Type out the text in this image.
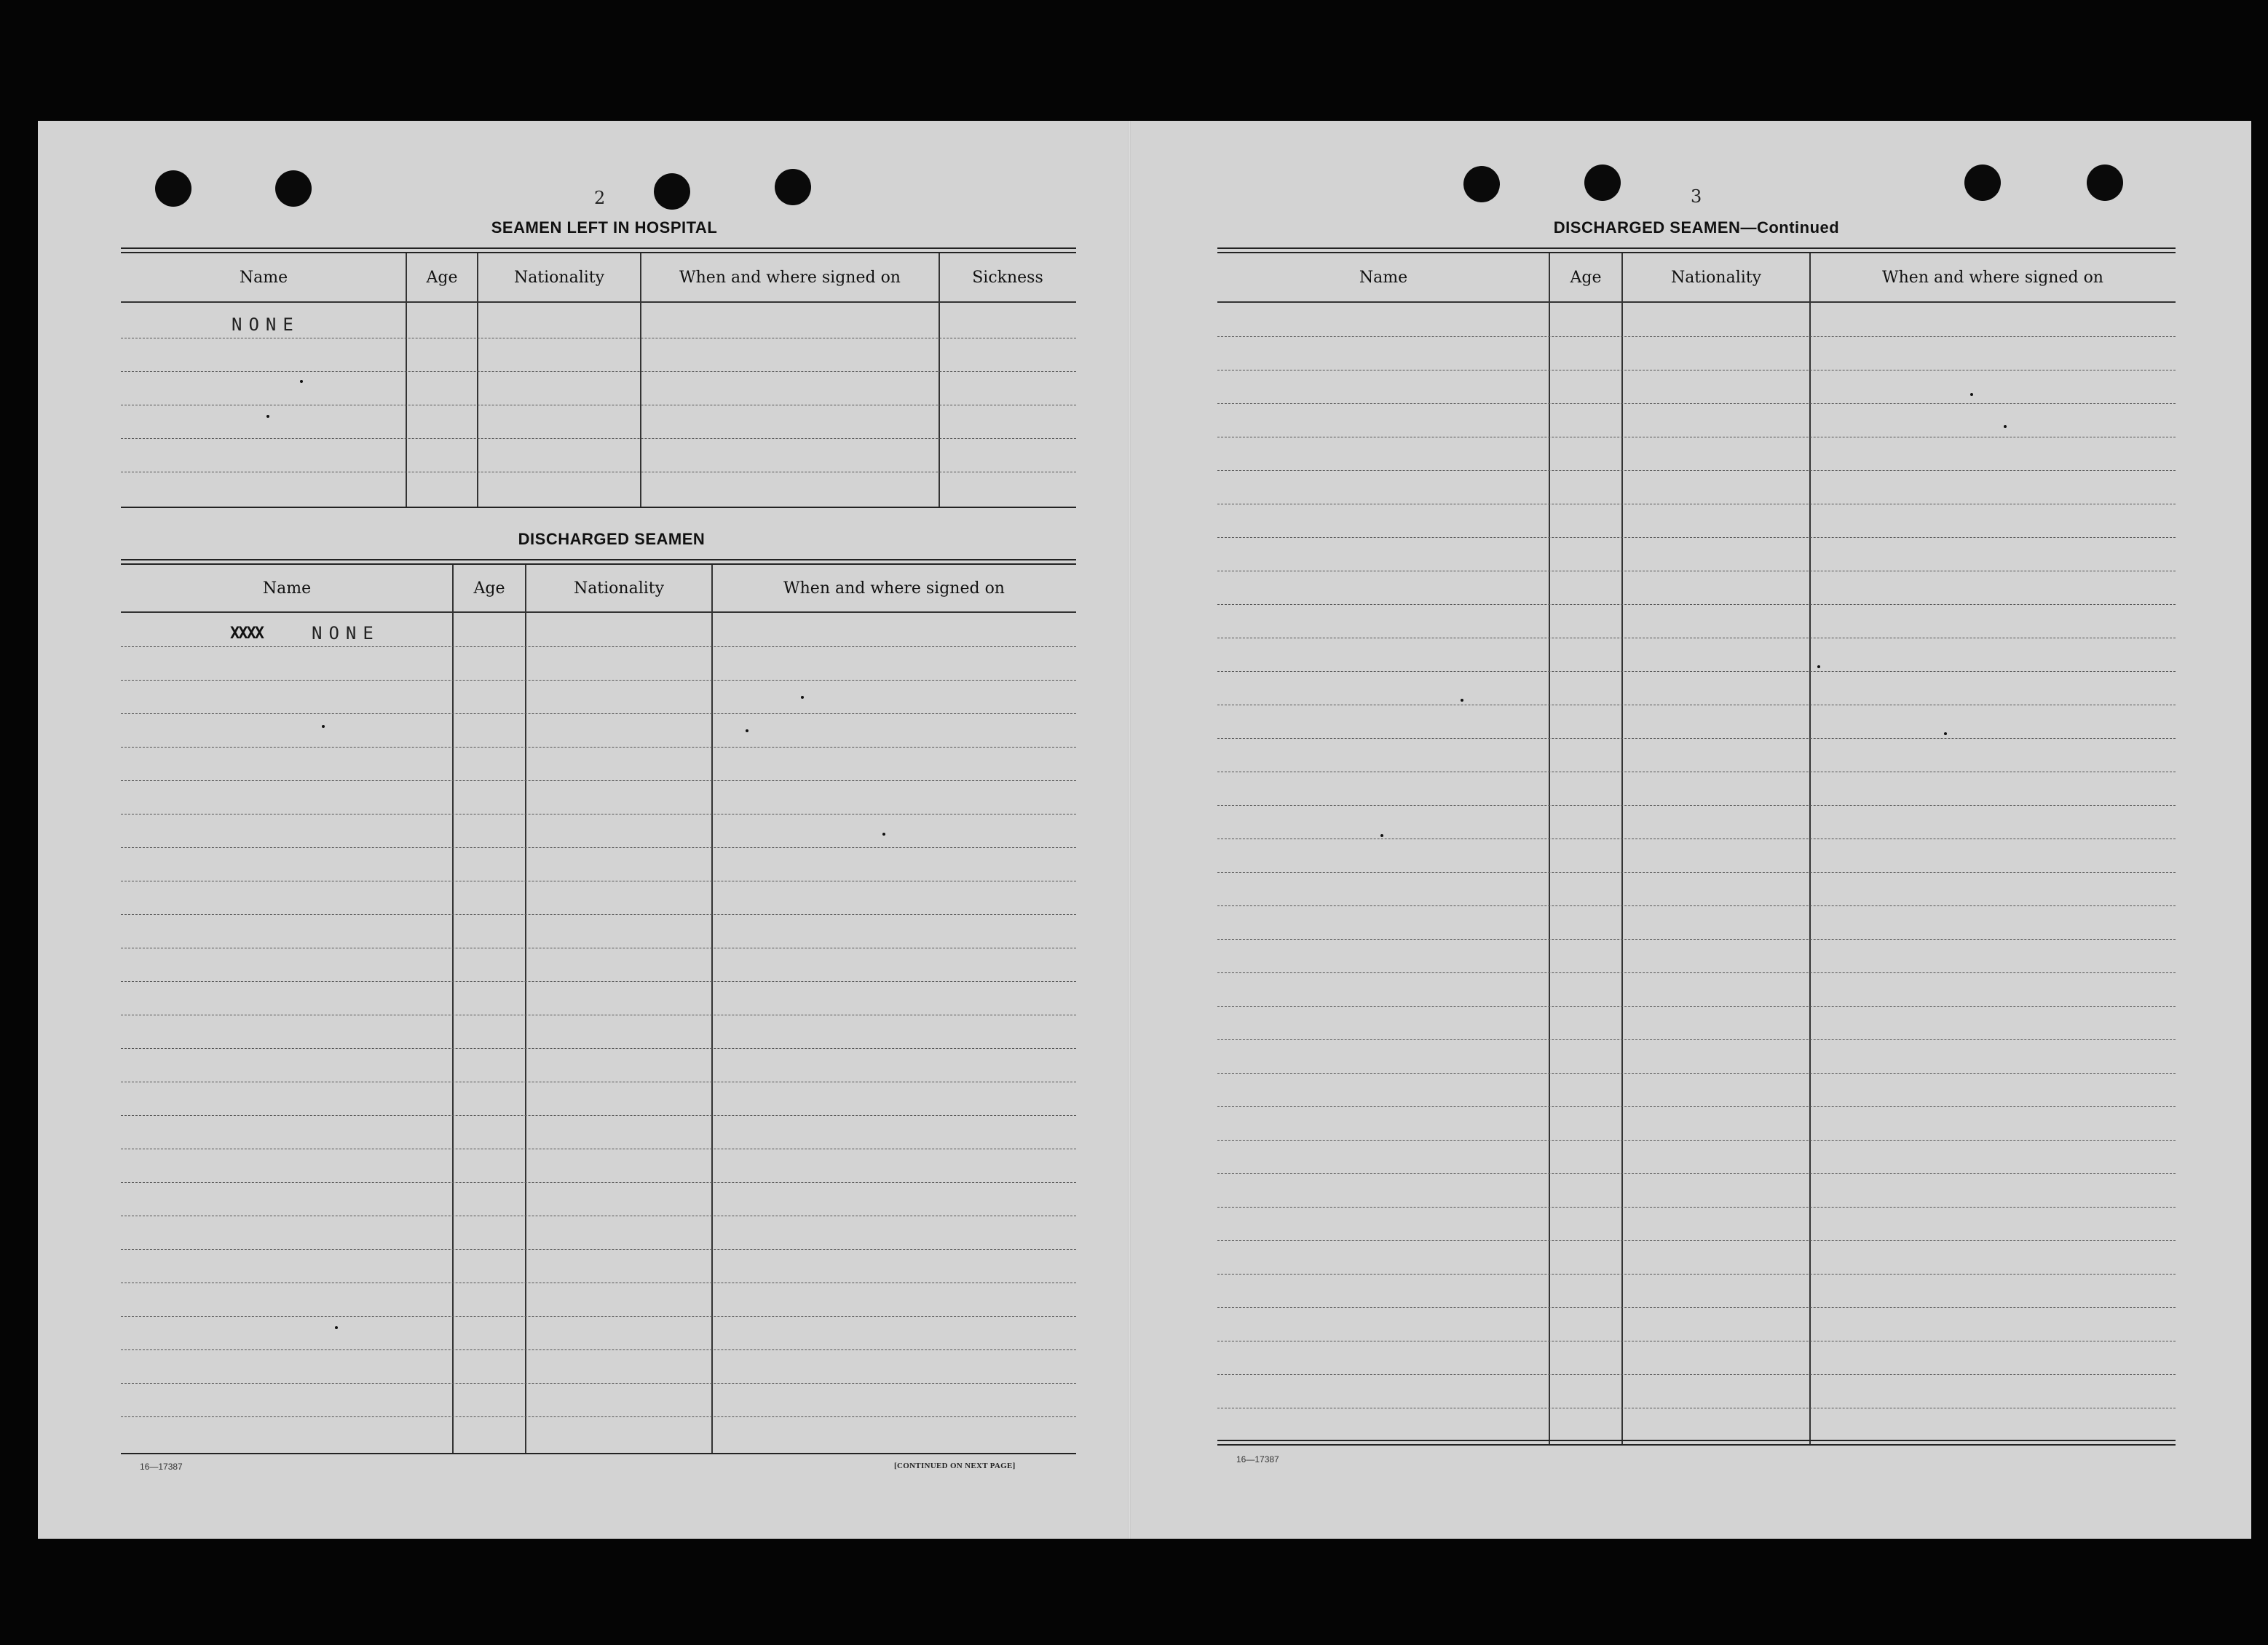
2
SEAMEN LEFT IN HOSPITAL
Name	Age	Nationality	When and where signed on	Sickness
NONE
DISCHARGED SEAMEN
Name	Age	Nationality	When and where signed on
XXXX	NONE
16—17387	[CONTINUED ON NEXT PAGE]
3
DISCHARGED SEAMEN—Continued
Name	Age	Nationality	When and where signed on
16—17387
